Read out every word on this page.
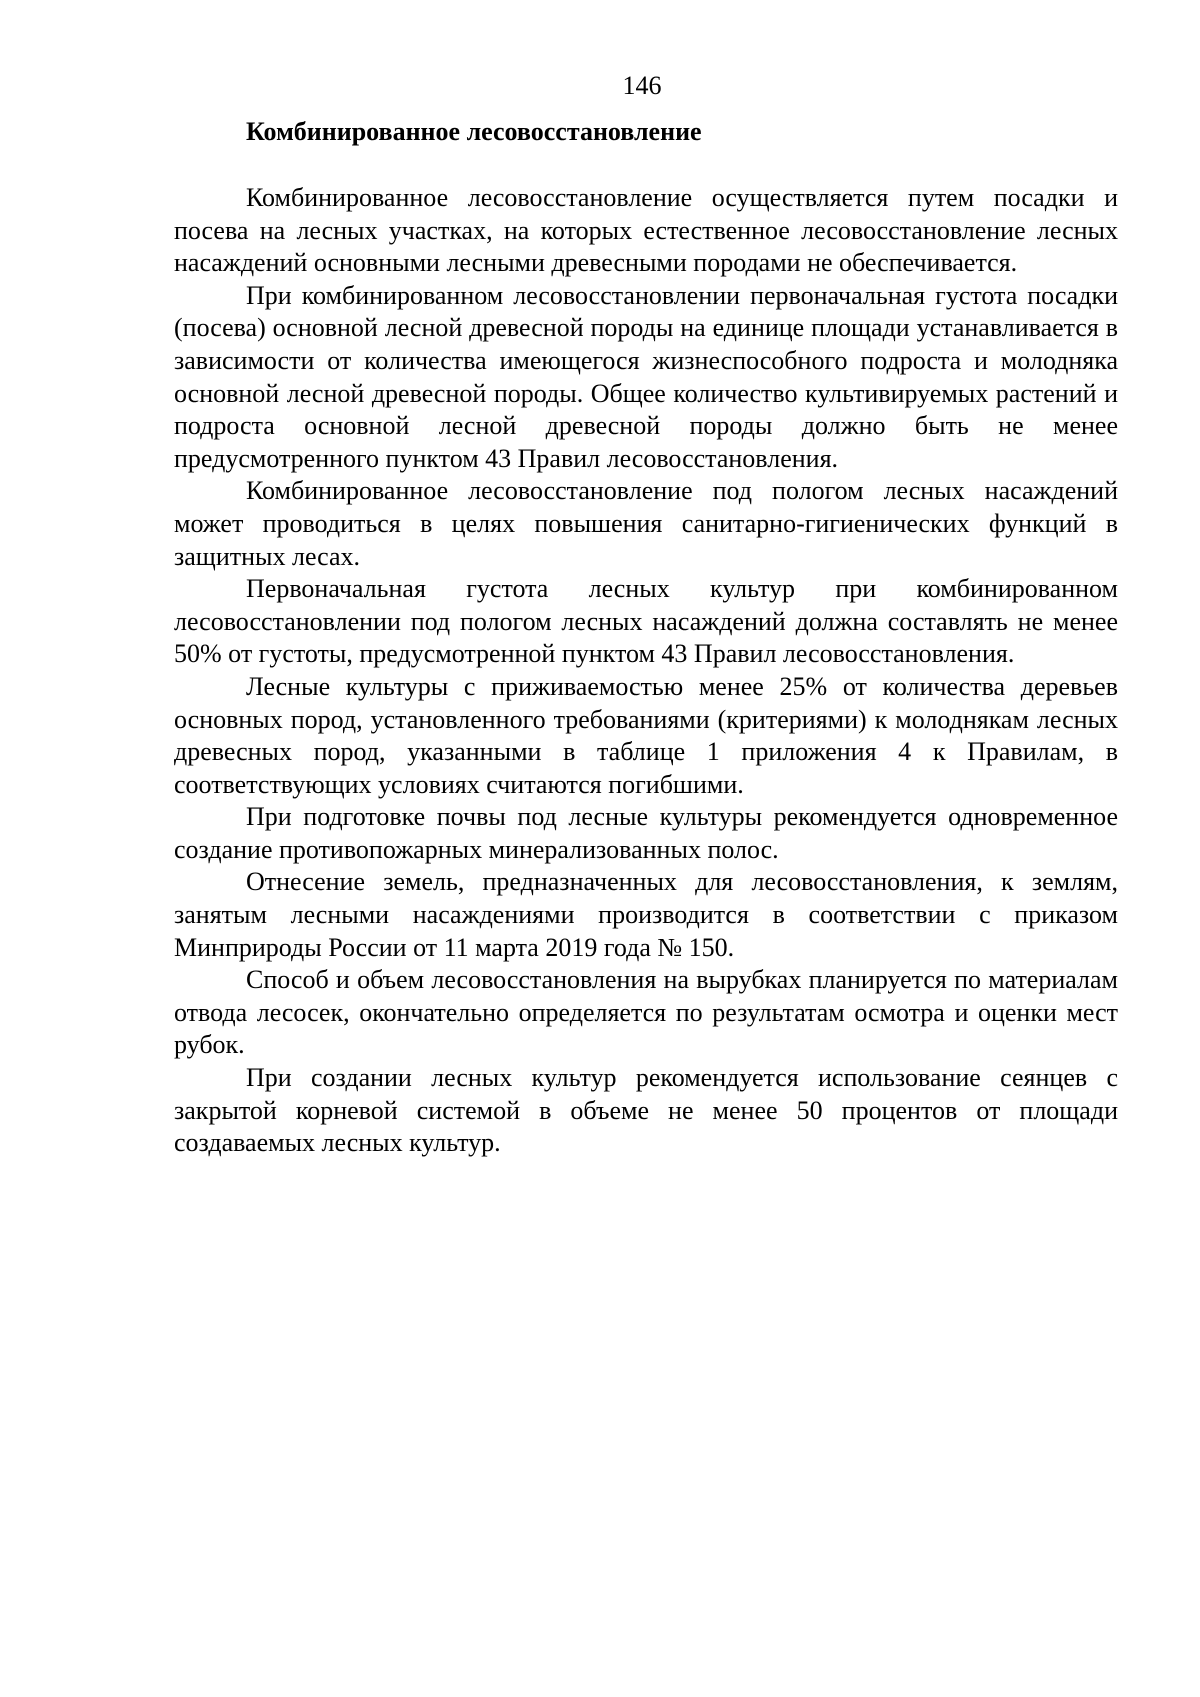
146
Комбинированное лесовосстановление

Комбинированное лесовосстановление осуществляется путем посадки и посева на лесных участках, на которых естественное лесовосстановление лесных насаждений основными лесными древесными породами не обеспечивается.

При комбинированном лесовосстановлении первоначальная густота посадки (посева) основной лесной древесной породы на единице площади устанавливается в зависимости от количества имеющегося жизнеспособного подроста и молодняка основной лесной древесной породы. Общее количество культивируемых растений и подроста основной лесной древесной породы должно быть не менее предусмотренного пунктом 43 Правил лесовосстановления.

Комбинированное лесовосстановление под пологом лесных насаждений может проводиться в целях повышения санитарно-гигиенических функций в защитных лесах.

Первоначальная густота лесных культур при комбинированном лесовосстановлении под пологом лесных насаждений должна составлять не менее 50% от густоты, предусмотренной пунктом 43 Правил лесовосстановления.

Лесные культуры с приживаемостью менее 25% от количества деревьев основных пород, установленного требованиями (критериями) к молоднякам лесных древесных пород, указанными в таблице 1 приложения 4 к Правилам, в соответствующих условиях считаются погибшими.

При подготовке почвы под лесные культуры рекомендуется одновременное создание противопожарных минерализованных полос.

Отнесение земель, предназначенных для лесовосстановления, к землям, занятым лесными насаждениями производится в соответствии с приказом Минприроды России от 11 марта 2019 года № 150.

Способ и объем лесовосстановления на вырубках планируется по материалам отвода лесосек, окончательно определяется по результатам осмотра и оценки мест рубок.

При создании лесных культур рекомендуется использование сеянцев с закрытой корневой системой в объеме не менее 50 процентов от площади создаваемых лесных культур.
